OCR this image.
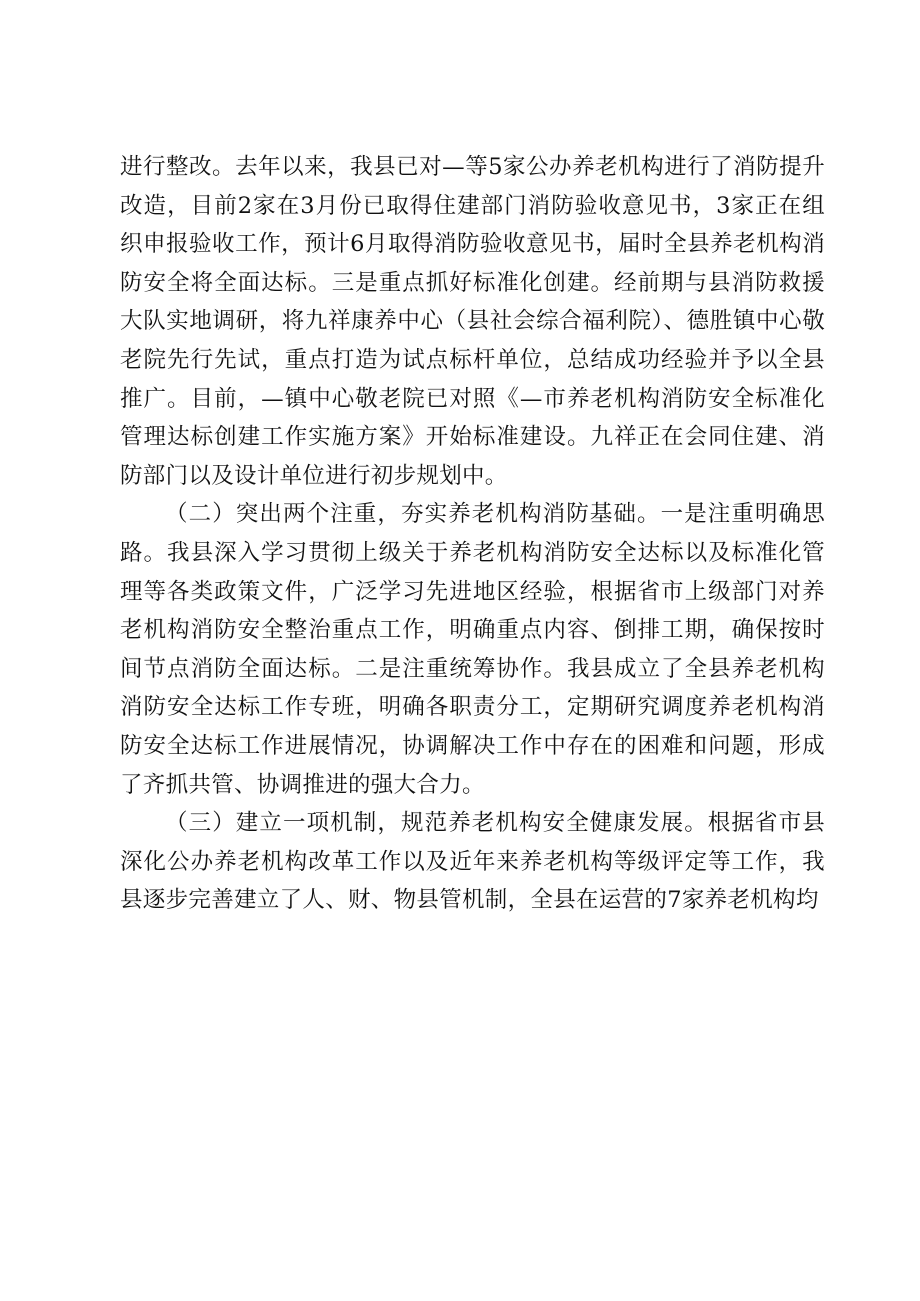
进行整改。去年以来，我县已对—等5家公办养老机构进行了消防提升改造，目前2家在3月份已取得住建部门消防验收意见书，3家正在组织申报验收工作，预计6月取得消防验收意见书，届时全县养老机构消防安全将全面达标。三是重点抓好标准化创建。经前期与县消防救援大队实地调研，将九祥康养中心（县社会综合福利院）、德胜镇中心敬老院先行先试，重点打造为试点标杆单位，总结成功经验并予以全县推广。目前，—镇中心敬老院已对照《—市养老机构消防安全标准化管理达标创建工作实施方案》开始标准建设。九祥正在会同住建、消防部门以及设计单位进行初步规划中。

（二）突出两个注重，夯实养老机构消防基础。一是注重明确思路。我县深入学习贯彻上级关于养老机构消防安全达标以及标准化管理等各类政策文件，广泛学习先进地区经验，根据省市上级部门对养老机构消防安全整治重点工作，明确重点内容、倒排工期，确保按时间节点消防全面达标。二是注重统筹协作。我县成立了全县养老机构消防安全达标工作专班，明确各职责分工，定期研究调度养老机构消防安全达标工作进展情况，协调解决工作中存在的困难和问题，形成了齐抓共管、协调推进的强大合力。

（三）建立一项机制，规范养老机构安全健康发展。根据省市县深化公办养老机构改革工作以及近年来养老机构等级评定等工作，我县逐步完善建立了人、财、物县管机制，全县在运营的7家养老机构均
